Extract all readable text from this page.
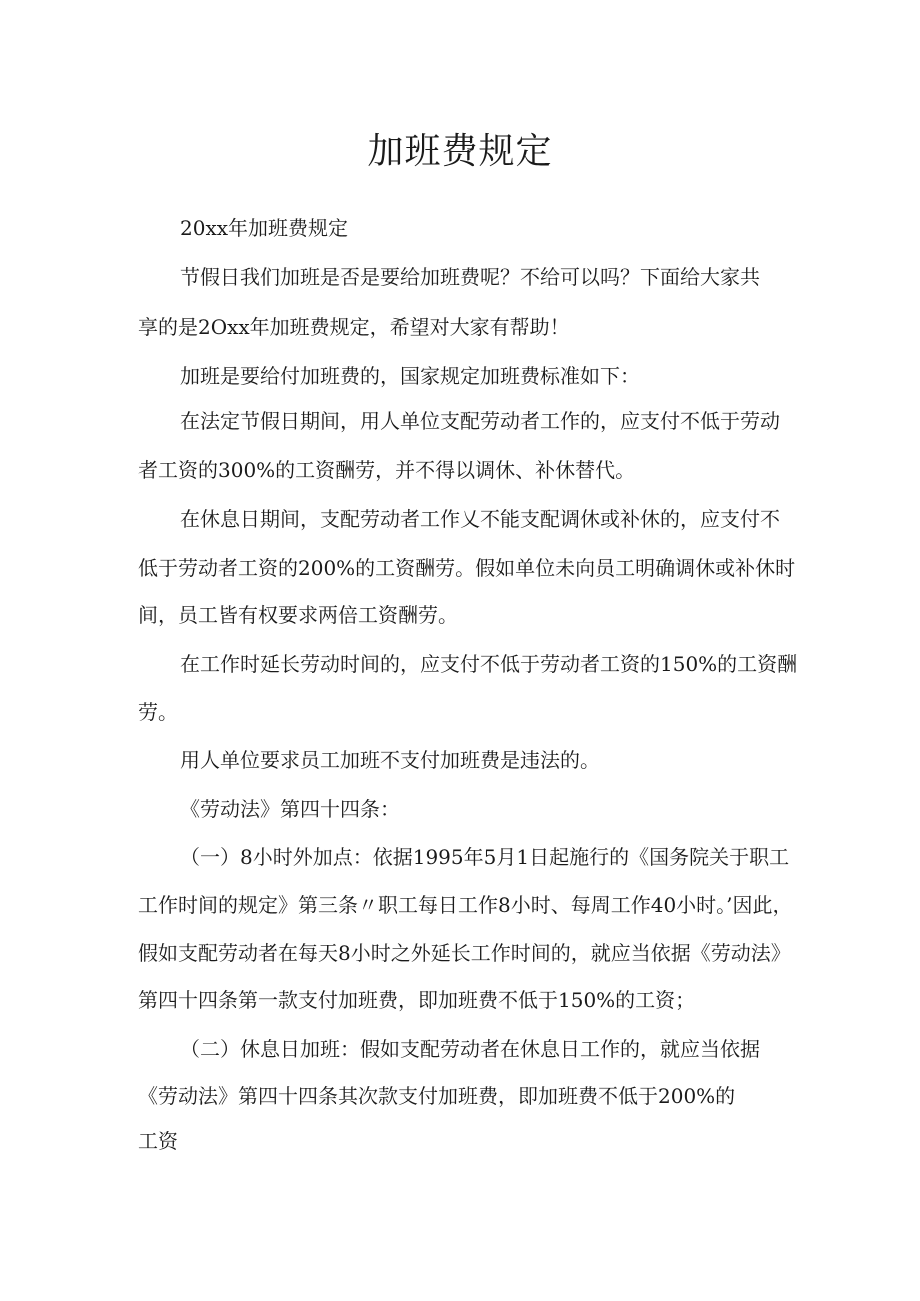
加班费规定
20xx年加班费规定
节假日我们加班是否是要给加班费呢？不给可以吗？下面给大家共
享的是2Oxx年加班费规定，希望对大家有帮助！
加班是要给付加班费的，国家规定加班费标准如下：
在法定节假日期间，用人单位支配劳动者工作的，应支付不低于劳动
者工资的300%的工资酬劳，并不得以调休、补休替代。
在休息日期间，支配劳动者工作乂不能支配调休或补休的，应支付不
低于劳动者工资的200%的工资酬劳。假如单位未向员工明确调休或补休时
间，员工皆有权要求两倍工资酬劳。
在工作时延长劳动时间的，应支付不低于劳动者工资的150%的工资酬
劳。
用人单位要求员工加班不支付加班费是违法的。
《劳动法》第四十四条：
（一）8小时外加点：依据1995年5月1日起施行的《国务院关于职工
工作时间的规定》第三条〃职工每日工作8小时、每周工作40小时。’因此，
假如支配劳动者在每天8小时之外延长工作时间的，就应当依据《劳动法》
第四十四条第一款支付加班费，即加班费不低于150%的工资；
（二）休息日加班：假如支配劳动者在休息日工作的，就应当依据
《劳动法》第四十四条其次款支付加班费，即加班费不低于200%的
工资
